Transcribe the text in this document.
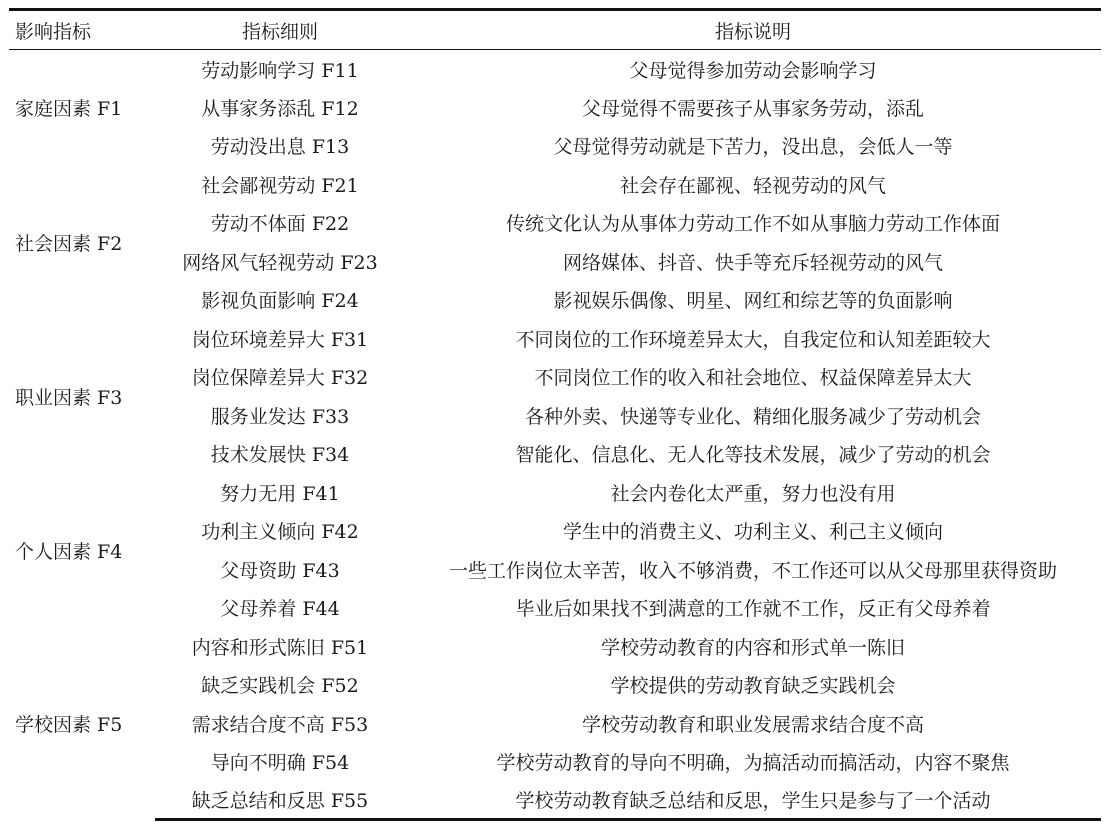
影响指标	指标细则	指标说明
家庭因素 F1	劳动影响学习 F11	父母觉得参加劳动会影响学习
	从事家务添乱 F12	父母觉得不需要孩子从事家务劳动，添乱
	劳动没出息 F13	父母觉得劳动就是下苦力，没出息，会低人一等
社会因素 F2	社会鄙视劳动 F21	社会存在鄙视、轻视劳动的风气
	劳动不体面 F22	传统文化认为从事体力劳动工作不如从事脑力劳动工作体面
	网络风气轻视劳动 F23	网络媒体、抖音、快手等充斥轻视劳动的风气
	影视负面影响 F24	影视娱乐偶像、明星、网红和综艺等的负面影响
职业因素 F3	岗位环境差异大 F31	不同岗位的工作环境差异太大，自我定位和认知差距较大
	岗位保障差异大 F32	不同岗位工作的收入和社会地位、权益保障差异太大
	服务业发达 F33	各种外卖、快递等专业化、精细化服务减少了劳动机会
	技术发展快 F34	智能化、信息化、无人化等技术发展，减少了劳动的机会
个人因素 F4	努力无用 F41	社会内卷化太严重，努力也没有用
	功利主义倾向 F42	学生中的消费主义、功利主义、利己主义倾向
	父母资助 F43	一些工作岗位太辛苦，收入不够消费，不工作还可以从父母那里获得资助
	父母养着 F44	毕业后如果找不到满意的工作就不工作，反正有父母养着
学校因素 F5	内容和形式陈旧 F51	学校劳动教育的内容和形式单一陈旧
	缺乏实践机会 F52	学校提供的劳动教育缺乏实践机会
	需求结合度不高 F53	学校劳动教育和职业发展需求结合度不高
	导向不明确 F54	学校劳动教育的导向不明确，为搞活动而搞活动，内容不聚焦
	缺乏总结和反思 F55	学校劳动教育缺乏总结和反思，学生只是参与了一个活动
